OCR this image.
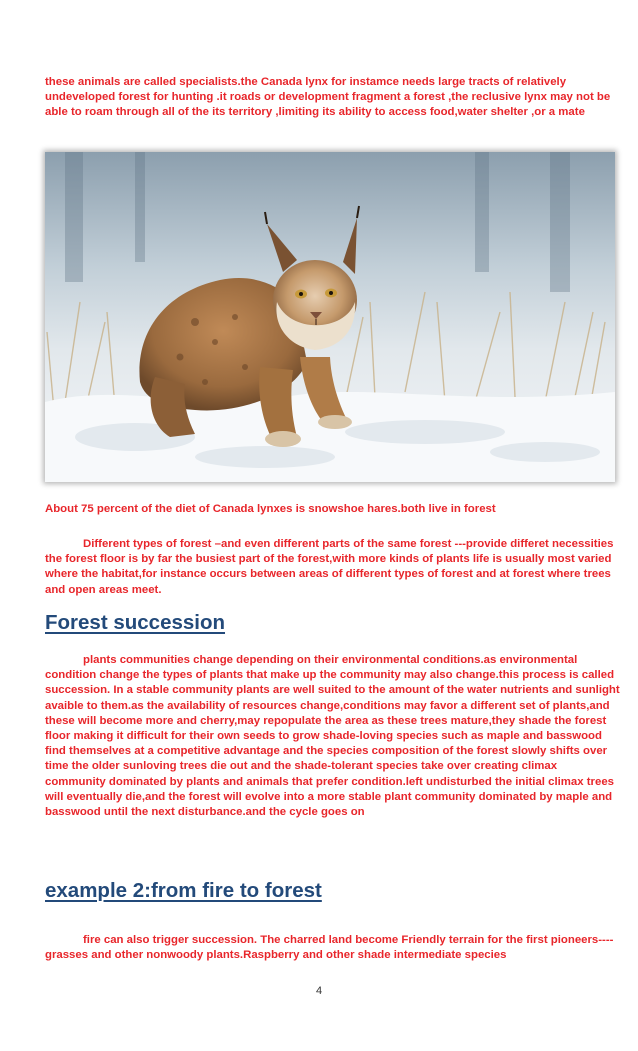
these animals are called specialists.the Canada lynx for instamce needs large tracts of relatively undeveloped forest for hunting .it roads or development fragment a forest ,the reclusive lynx may not be able to roam through all of the its territory ,limiting its ability to access food,water shelter ,or a mate

About 75 percent of the diet of Canada lynxes is snowshoe hares.both live in forest

Different types of forest –and even different parts of the same forest ---provide differet necessities the forest floor is by far the busiest part of the forest,with more kinds of plants life is usually most varied where the habitat,for instance occurs between areas of different types of forest and at forest where trees and open areas meet.

Forest succession

plants communities change depending on their environmental conditions.as environmental condition change the types of plants that make up the community may also change.this process is called succession. In a stable community plants are well suited to the amount of the water nutrients and sunlight avaible to them.as the availability of resources change,conditions may favor a different set of plants,and these will become more and cherry,may repopulate the area as these trees mature,they shade the forest floor making it difficult for their own seeds to grow shade-loving species such as maple and basswood find themselves at a competitive advantage and the species composition of the forest slowly shifts over time the older sunloving trees die out and the shade-tolerant species take over creating climax community dominated by plants and animals that prefer condition.left undisturbed the initial climax trees will eventually die,and the forest will evolve into a more stable plant community dominated by maple and basswood until the next disturbance.and the cycle goes on

example 2:from fire to forest

fire can also trigger succession. The charred land become Friendly terrain for the first pioneers----grasses and other nonwoody plants.Raspberry and other shade intermediate species

4
